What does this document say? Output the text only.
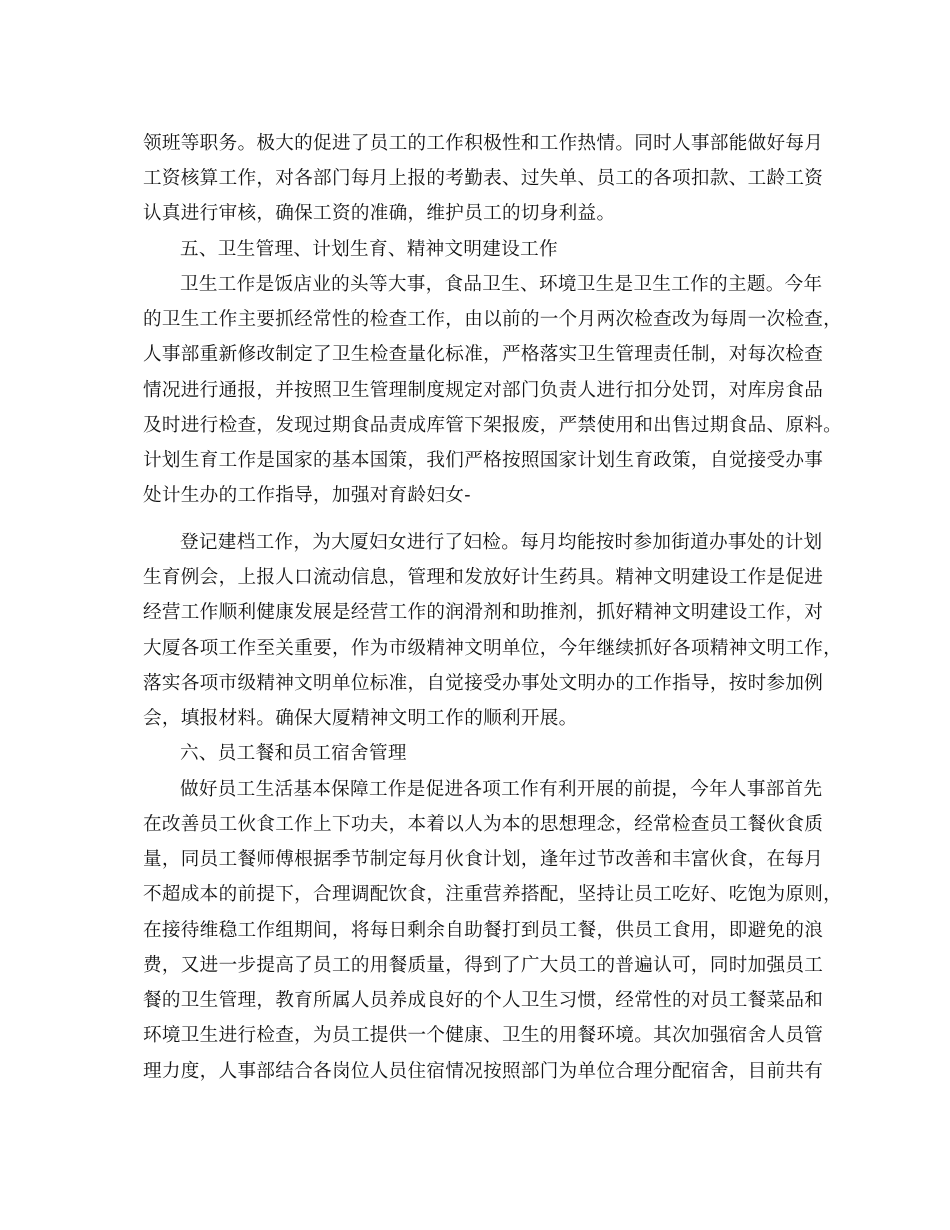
领班等职务。极大的促进了员工的工作积极性和工作热情。同时人事部能做好每月
工资核算工作，对各部门每月上报的考勤表、过失单、员工的各项扣款、工龄工资
认真进行审核，确保工资的准确，维护员工的切身利益。
五、卫生管理、计划生育、精神文明建设工作
卫生工作是饭店业的头等大事，食品卫生、环境卫生是卫生工作的主题。今年
的卫生工作主要抓经常性的检查工作，由以前的一个月两次检查改为每周一次检查，
人事部重新修改制定了卫生检查量化标准，严格落实卫生管理责任制，对每次检查
情况进行通报，并按照卫生管理制度规定对部门负责人进行扣分处罚，对库房食品
及时进行检查，发现过期食品责成库管下架报废，严禁使用和出售过期食品、原料。
计划生育工作是国家的基本国策，我们严格按照国家计划生育政策，自觉接受办事
处计生办的工作指导，加强对育龄妇女-
登记建档工作，为大厦妇女进行了妇检。每月均能按时参加街道办事处的计划
生育例会，上报人口流动信息，管理和发放好计生药具。精神文明建设工作是促进
经营工作顺利健康发展是经营工作的润滑剂和助推剂，抓好精神文明建设工作，对
大厦各项工作至关重要，作为市级精神文明单位，今年继续抓好各项精神文明工作，
落实各项市级精神文明单位标准，自觉接受办事处文明办的工作指导，按时参加例
会，填报材料。确保大厦精神文明工作的顺利开展。
六、员工餐和员工宿舍管理
做好员工生活基本保障工作是促进各项工作有利开展的前提，今年人事部首先
在改善员工伙食工作上下功夫，本着以人为本的思想理念，经常检查员工餐伙食质
量，同员工餐师傅根据季节制定每月伙食计划，逢年过节改善和丰富伙食，在每月
不超成本的前提下，合理调配饮食，注重营养搭配，坚持让员工吃好、吃饱为原则，
在接待维稳工作组期间，将每日剩余自助餐打到员工餐，供员工食用，即避免的浪
费，又进一步提高了员工的用餐质量，得到了广大员工的普遍认可，同时加强员工
餐的卫生管理，教育所属人员养成良好的个人卫生习惯，经常性的对员工餐菜品和
环境卫生进行检查，为员工提供一个健康、卫生的用餐环境。其次加强宿舍人员管
理力度，人事部结合各岗位人员住宿情况按照部门为单位合理分配宿舍，目前共有
